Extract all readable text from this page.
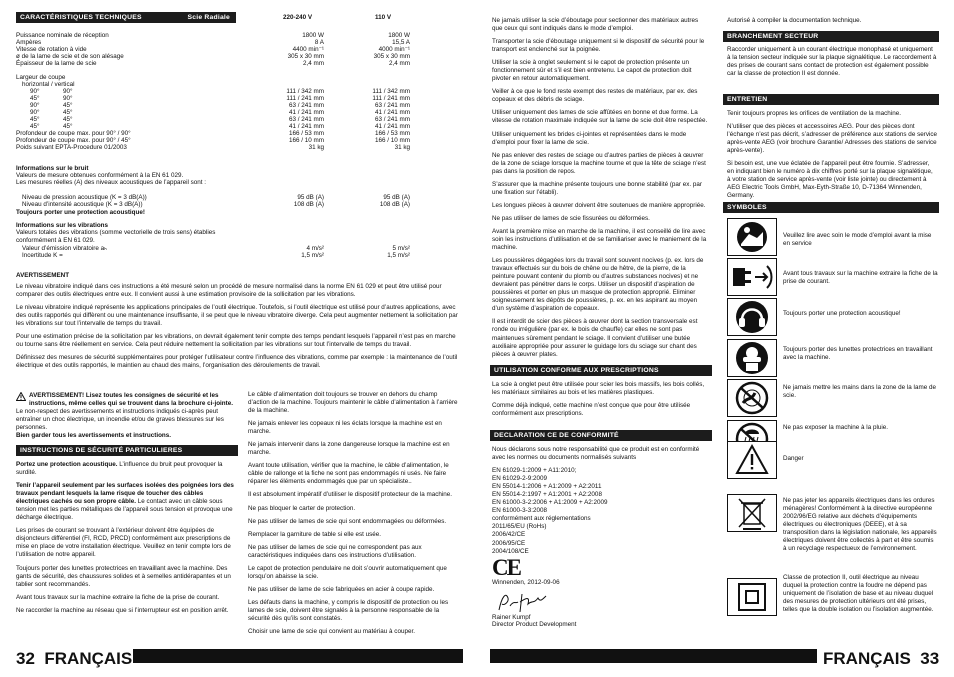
CARACTÉRISTIQUES TECHNIQUES	Scie Radiale	220-240 V	110 V
Puissance nominale de réception	1800 W	1800 W
Ampères	8 A	15,5 A
Vitesse de rotation à vide	4400 min⁻¹	4000 min⁻¹
ø de la lame de scie et de son alésage	305 x 30 mm	305 x 30 mm
Épaisseur de la lame de scie	2,4 mm	2,4 mm
Largeur de coupe
horizontal / vertical
90°	90°	111 / 342 mm	111 / 342 mm
45°	90°	111 / 241 mm	111 / 241 mm
90°	45°	63 / 241 mm	63 / 241 mm
90°	45°	41 / 241 mm	41 / 241 mm
45°	45°	63 / 241 mm	63 / 241 mm
45°	45°	41 / 241 mm	41 / 241 mm
Profondeur de coupe max. pour 90° / 90°	166 / 53 mm	166 / 53 mm
Profondeur de coupe max. pour 90° / 45°	166 / 10 mm	166 / 10 mm
Poids suivant EPTA-Procedure 01/2003	31 kg	31 kg
Informations sur le bruit
Valeurs de mesure obtenues conformément à la EN 61 029.
Les mesures réelles (A) des niveaux acoustiques de l’appareil sont :
Niveau de pression acoustique (K = 3 dB(A))	95 dB (A)	95 dB (A)
Niveau d’intensité acoustique (K = 3 dB(A))	108 dB (A)	108 dB (A)
Toujours porter une protection acoustique!
Informations sur les vibrations
Valeurs totales des vibrations (somme vectorielle de trois sens) établies conformément à EN 61 029.
Valeur d’émission vibratoire aₕ	4 m/s²	5 m/s²
Incertitude K =	1,5 m/s²	1,5 m/s²
AVERTISSEMENT

Le niveau vibratoire indiqué dans ces instructions a été mesuré selon un procédé de mesure normalisé dans la norme EN 61 029 et peut être utilisé pour comparer des outils électriques entre eux. Il convient aussi à une estimation provisoire de la sollicitation par les vibrations.

Le niveau vibratoire indiqué représente les applications principales de l’outil électrique. Toutefois, si l’outil électrique est utilisé pour d’autres applications, avec des outils rapportés qui diffèrent ou une maintenance insuffisante, il se peut que le niveau vibratoire diverge. Cela peut augmenter nettement la sollicitation par les vibrations sur tout l’intervalle de temps du travail.

Pour une estimation précise de la sollicitation par les vibrations, on devrait également tenir compte des temps pendant lesquels l’appareil n’est pas en marche ou tourne sans être réellement en service. Cela peut réduire nettement la sollicitation par les vibrations sur tout l’intervalle de temps du travail.

Définissez des mesures de sécurité supplémentaires pour protéger l’utilisateur contre l’influence des vibrations, comme par exemple : la maintenance de l’outil électrique et des outils rapportés, le maintien au chaud des mains, l’organisation des déroulements de travail.

AVERTISSEMENT! Lisez toutes les consignes de sécurité et les instructions, même celles qui se trouvent dans la brochure ci-jointe. Le non-respect des avertissements et instructions indiqués ci-après peut entraîner un choc électrique, un incendie et/ou de graves blessures sur les personnes.
Bien garder tous les avertissements et instructions.
INSTRUCTIONS DE SÉCURITÉ PARTICULIERES

Portez une protection acoustique. L’influence du bruit peut provoquer la surdité.

Tenir l’appareil seulement par les surfaces isolées des poignées lors des travaux pendant lesquels la lame risque de toucher des câbles électriques cachés ou son propre câble. Le contact avec un câble sous tension met les parties métalliques de l’appareil sous tension et provoque une décharge électrique.

Les prises de courant se trouvant à l’extérieur doivent être équipées de disjoncteurs différentiel (FI, RCD, PRCD) conformément aux prescriptions de mise en place de votre installation électrique. Veuillez en tenir compte lors de l’utilisation de notre appareil.

Toujours porter des lunettes protectrices en travaillant avec la machine. Des gants de sécurité, des chaussures solides et à semelles antidérapantes et un tablier sont recommandés.

Avant tous travaux sur la machine extraire la fiche de la prise de courant.

Ne raccorder la machine au réseau que si l’interrupteur est en position arrêt.

Le câble d’alimentation doit toujours se trouver en dehors du champ d’action de la machine. Toujours maintenir le câble d’alimentation à l’arrière de la machine.

Ne jamais enlever les copeaux ni les éclats lorsque la machine est en marche.

Ne jamais intervenir dans la zone dangereuse lorsque la machine est en marche.

Avant toute utilisation, vérifier que la machine, le câble d’alimentation, le câble de rallonge et la fiche ne sont pas endommagés ni usés. Ne faire réparer les éléments endommagés que par un spécialiste..

Il est absolument impératif d’utiliser le dispositif protecteur de la machine.

Ne pas bloquer le carter de protection.

Ne pas utiliser de lames de scie qui sont endommagées ou déformées.

Remplacer la garniture de table si elle est usée.

Ne pas utiliser de lames de scie qui ne correspondent pas aux caractéristiques indiquées dans ces instructions d’utilisation.

Le capot de protection pendulaire ne doit s’ouvrir automatiquement que lorsqu’on abaisse la scie.

Ne pas utiliser de lame de scie fabriquées en acier à coupe rapide.

Les défauts dans la machine, y compris le dispositif de protection ou les lames de scie, doivent être signalés à la personne responsable de la sécurité dès qu’ils sont constatés.

Choisir une lame de scie qui convient au matériau à couper.

32 FRANÇAIS

Ne jamais utiliser la scie d’éboutage pour sectionner des matériaux autres que ceux qui sont indiqués dans le mode d’emploi.

Transporter la scie d’éboutage uniquement si le dispositif de sécurité pour le transport est enclenché sur la poignée.

Utiliser la scie à onglet seulement si le capot de protection présente un fonctionnement sûr et s’il est bien entretenu. Le capot de protection doit pivoter en retour automatiquement.

Veiller à ce que le fond reste exempt des restes de matériaux, par ex. des copeaux et des débris de sciage.

Utiliser uniquement des lames de scie affûtées en bonne et due forme. La vitesse de rotation maximale indiquée sur la lame de scie doit être respectée.

Utiliser uniquement les brides ci-jointes et représentées dans le mode d’emploi pour fixer la lame de scie.

Ne pas enlever des restes de sciage ou d’autres parties de pièces à œuvrer de la zone de sciage lorsque la machine tourne et que la tête de sciage n’est pas dans la position de repos.

S’assurer que la machine présente toujours une bonne stabilité (par ex. par une fixation sur l’établi).

Les longues pièces à œuvrer doivent être soutenues de manière appropriée.

Ne pas utiliser de lames de scie fissurées ou déformées.

Avant la première mise en marche de la machine, il est conseillé de lire avec soin les instructions d’utilisation et de se familiariser avec le maniement de la machine.

Les poussières dégagées lors du travail sont souvent nocives (p. ex. lors de travaux effectués sur du bois de chêne ou de hêtre, de la pierre, de la peinture pouvant contenir du plomb ou d’autres substances nocives) et ne devraient pas pénétrer dans le corps. Utiliser un dispositif d’aspiration de poussières et porter en plus un masque de protection approprié. Eliminer soigneusement les dépôts de poussières, p. ex. en les aspirant au moyen d’un système d’aspiration de copeaux.

Il est interdit de scier des pièces à œuvrer dont la section transversale est ronde ou irrégulière (par ex. le bois de chauffe) car elles ne sont pas maintenues sûrement pendant le sciage. Il convient d’utiliser une butée auxiliaire appropriée pour assurer le guidage lors du sciage sur chant des pièces à œuvrer plates.

UTILISATION CONFORME AUX PRESCRIPTIONS

La scie à onglet peut être utilisée pour scier les bois massifs, les bois collés, les matériaux similaires au bois et les matières plastiques.

Comme déjà indiqué, cette machine n’est conçue que pour être utilisée conformément aux prescriptions.

DECLARATION CE DE CONFORMITÉ

Nous déclarons sous notre responsabilité que ce produit est en conformité avec les normes ou documents normalisés suivants

EN 61029-1:2009 + A11:2010;
EN 61029-2-9:2009
EN 55014-1:2006 + A1:2009 + A2:2011
EN 55014-2:1997 + A1:2001 + A2:2008
EN 61000-3-2:2006 + A1:2009 + A2:2009
EN 61000-3-3:2008
conformément aux réglementations
2011/65/EU (RoHs)
2006/42/CE
2006/95/CE
2004/108/CE
CE
Winnenden, 2012-09-06
Rainer Kumpf
Director Product Development
Autorisé à compiler la documentation technique.
BRANCHEMENT SECTEUR
Raccorder uniquement à un courant électrique monophasé et uniquement à la tension secteur indiquée sur la plaque signalétique. Le raccordement à des prises de courant sans contact de protection est également possible car la classe de protection II est donnée.
ENTRETIEN

Tenir toujours propres les orifices de ventilation de la machine.

N’utiliser que des pièces et accessoires AEG. Pour des pièces dont l’échange n’est pas décrit, s’adresser de préférence aux stations de service après-vente AEG (voir brochure Garantie/ Adresses des stations de service après-vente).

Si besoin est, une vue éclatée de l’appareil peut être fournie. S’adresser, en indiquant bien le numéro à dix chiffres porté sur la plaque signalétique, à votre station de service après-vente (voir liste jointe) ou directement à AEG Electric Tools GmbH, Max-Eyth-Straße 10, D-71364 Winnenden, Germany.

SYMBOLES
Veuillez lire avec soin le mode d’emploi avant la mise en service
Avant tous travaux sur la machine extraire la fiche de la prise de courant.
Toujours porter une protection acoustique!
Toujours porter des lunettes protectrices en travaillant avec la machine.
Ne jamais mettre les mains dans la zone de la lame de scie.
Ne pas exposer la machine à la pluie.
Danger
Ne pas jeter les appareils électriques dans les ordures ménagères! Conformément à la directive européenne 2002/96/EG relative aux déchets d’équipements électriques ou électroniques (DEEE), et à sa transposition dans la législation nationale, les appareils électriques doivent être collectés à part et être soumis à un recyclage respectueux de l’environnement.
Classe de protection II, outil électrique au niveau duquel la protection contre la foudre ne dépend pas uniquement de l’isolation de base et au niveau duquel des mesures de protection ultérieurs ont été prises, telles que la double isolation ou l’isolation augmentée.
FRANÇAIS 33
